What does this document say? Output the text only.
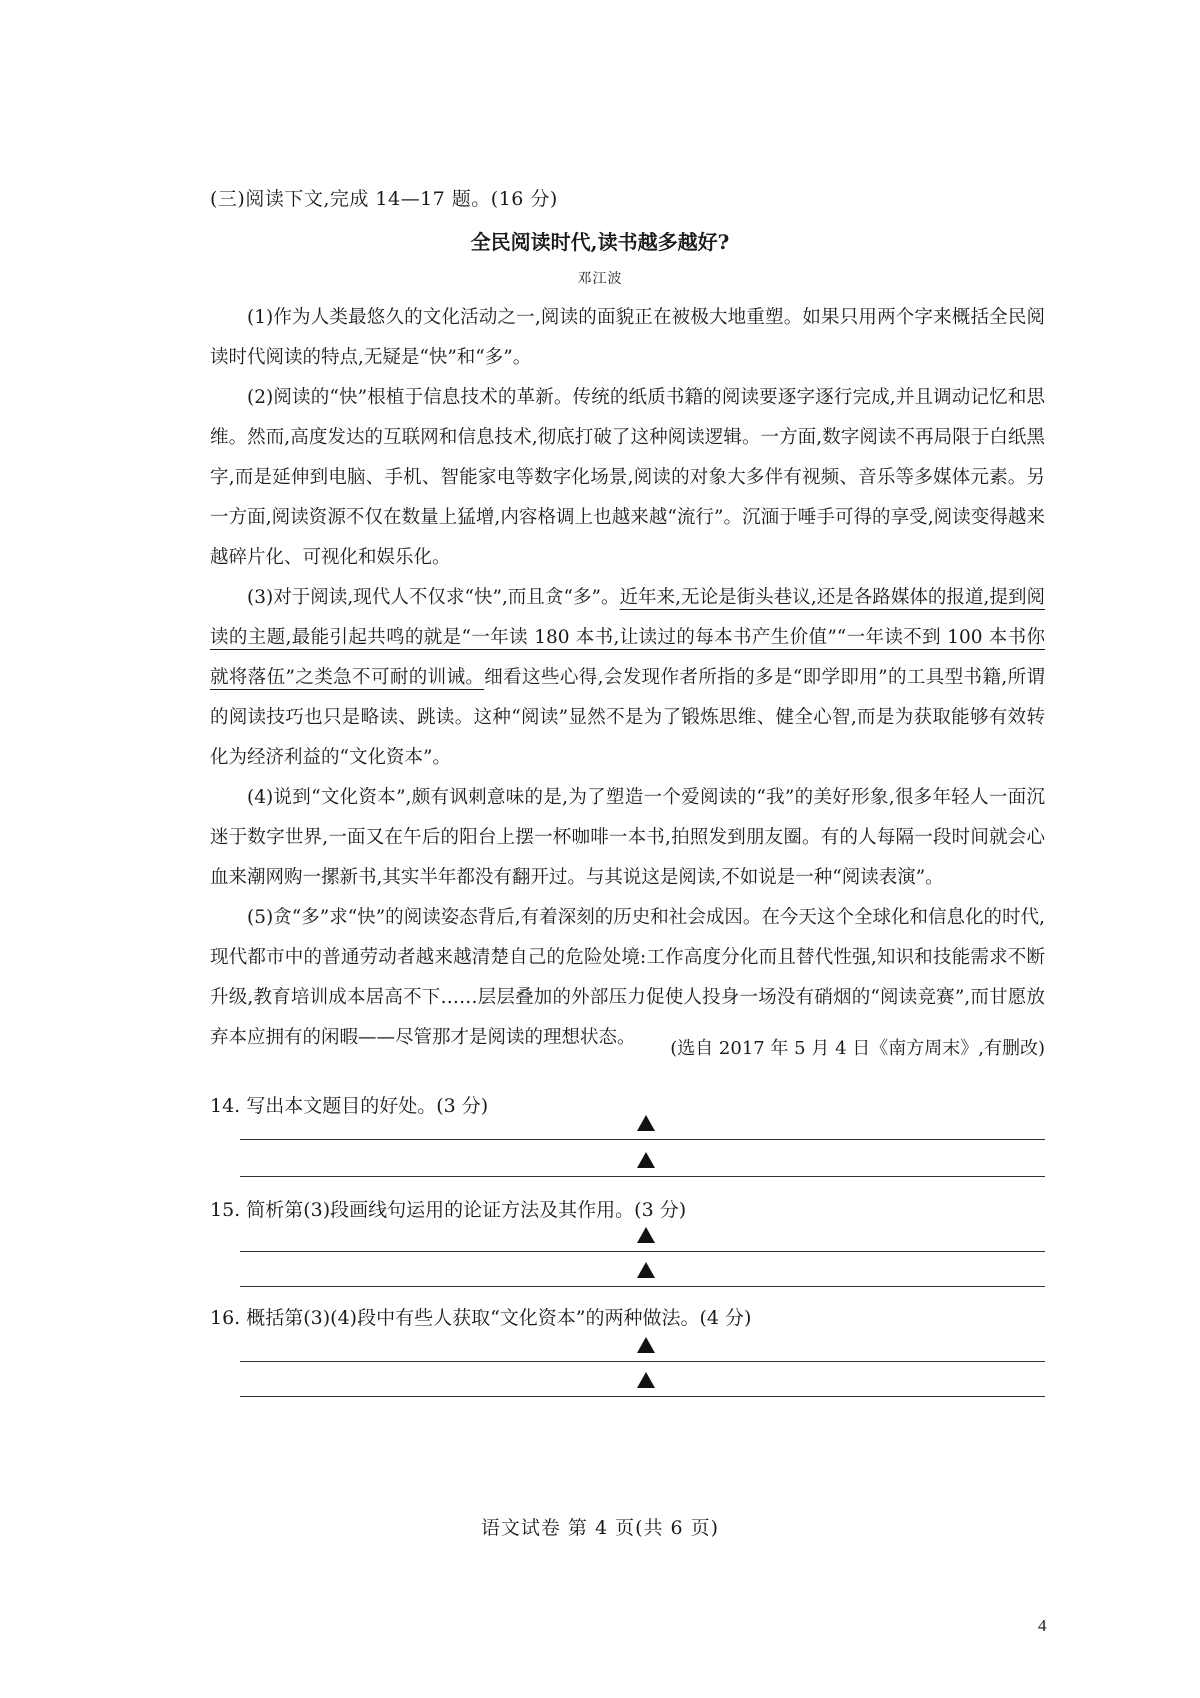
(三)阅读下文,完成 14—17 题。(16 分)
全民阅读时代,读书越多越好?
邓江波

(1)作为人类最悠久的文化活动之一,阅读的面貌正在被极大地重塑。如果只用两个字来概括全民阅读时代阅读的特点,无疑是“快”和“多”。

(2)阅读的“快”根植于信息技术的革新。传统的纸质书籍的阅读要逐字逐行完成,并且调动记忆和思维。然而,高度发达的互联网和信息技术,彻底打破了这种阅读逻辑。一方面,数字阅读不再局限于白纸黑字,而是延伸到电脑、手机、智能家电等数字化场景,阅读的对象大多伴有视频、音乐等多媒体元素。另一方面,阅读资源不仅在数量上猛增,内容格调上也越来越“流行”。沉湎于唾手可得的享受,阅读变得越来越碎片化、可视化和娱乐化。

(3)对于阅读,现代人不仅求“快”,而且贪“多”。近年来,无论是街头巷议,还是各路媒体的报道,提到阅读的主题,最能引起共鸣的就是“一年读 180 本书,让读过的每本书产生价值”“一年读不到 100 本书你就将落伍”之类急不可耐的训诫。细看这些心得,会发现作者所指的多是“即学即用”的工具型书籍,所谓的阅读技巧也只是略读、跳读。这种“阅读”显然不是为了锻炼思维、健全心智,而是为获取能够有效转化为经济利益的“文化资本”。

(4)说到“文化资本”,颇有讽刺意味的是,为了塑造一个爱阅读的“我”的美好形象,很多年轻人一面沉迷于数字世界,一面又在午后的阳台上摆一杯咖啡一本书,拍照发到朋友圈。有的人每隔一段时间就会心血来潮网购一摞新书,其实半年都没有翻开过。与其说这是阅读,不如说是一种“阅读表演”。

(5)贪“多”求“快”的阅读姿态背后,有着深刻的历史和社会成因。在今天这个全球化和信息化的时代,现代都市中的普通劳动者越来越清楚自己的危险处境:工作高度分化而且替代性强,知识和技能需求不断升级,教育培训成本居高不下……层层叠加的外部压力促使人投身一场没有硝烟的“阅读竞赛”,而甘愿放弃本应拥有的闲暇——尽管那才是阅读的理想状态。

(选自 2017 年 5 月 4 日《南方周末》,有删改)
14. 写出本文题目的好处。(3 分)
15. 简析第(3)段画线句运用的论证方法及其作用。(3 分)
16. 概括第(3)(4)段中有些人获取“文化资本”的两种做法。(4 分)
语文试卷 第 4 页(共 6 页)
4
